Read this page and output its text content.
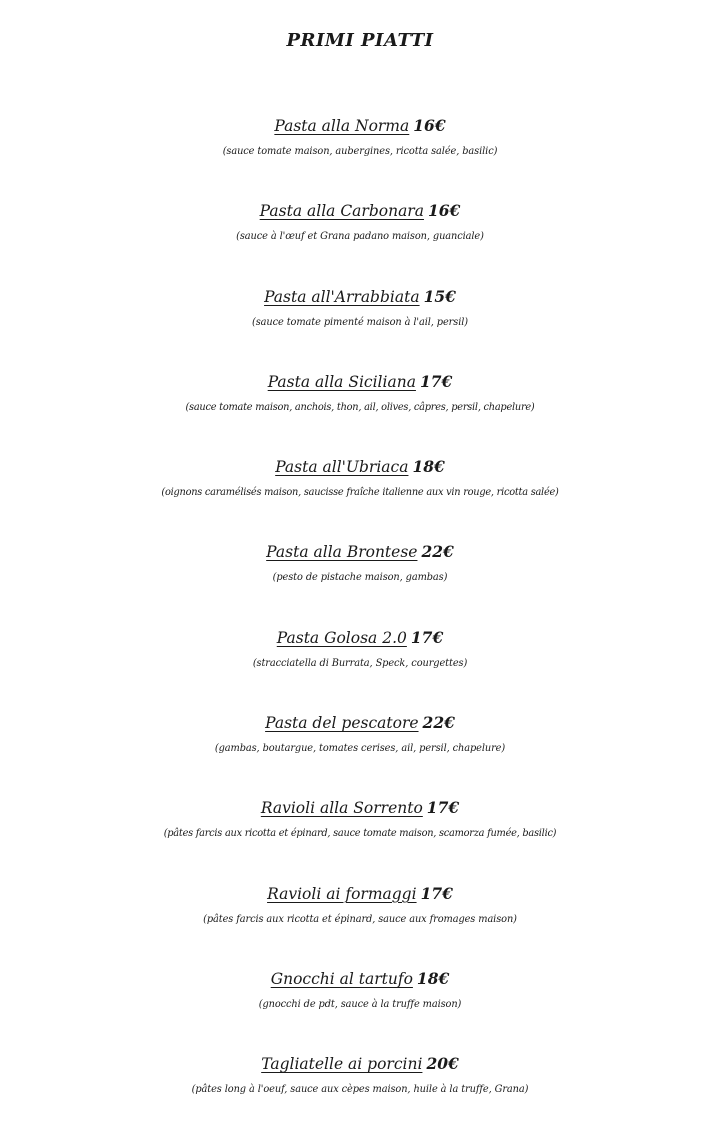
PRIMI PIATTI
Pasta alla Norma 16€
(sauce tomate maison, aubergines, ricotta salée, basilic)
Pasta alla Carbonara 16€
(sauce à l'œuf et Grana padano maison, guanciale)
Pasta all'Arrabbiata 15€
(sauce tomate pimenté maison à l'ail, persil)
Pasta alla Siciliana 17€
(sauce tomate maison, anchois, thon, ail, olives, câpres, persil, chapelure)
Pasta all'Ubriaca 18€
(oignons caramélisés maison, saucisse fraîche italienne aux vin rouge, ricotta salée)
Pasta alla Brontese 22€
(pesto de pistache maison, gambas)
Pasta Golosa 2.0 17€
(stracciatella di Burrata, Speck, courgettes)
Pasta del pescatore 22€
(gambas, boutargue, tomates cerises, ail, persil, chapelure)
Ravioli alla Sorrento 17€
(pâtes farcis aux ricotta et épinard, sauce tomate maison, scamorza fumée, basilic)
Ravioli ai formaggi 17€
(pâtes farcis aux ricotta et épinard, sauce aux fromages maison)
Gnocchi al tartufo 18€
(gnocchi de pdt, sauce à la truffe maison)
Tagliatelle ai porcini 20€
(pâtes long à l'oeuf, sauce aux cèpes maison, huile à la truffe, Grana)
